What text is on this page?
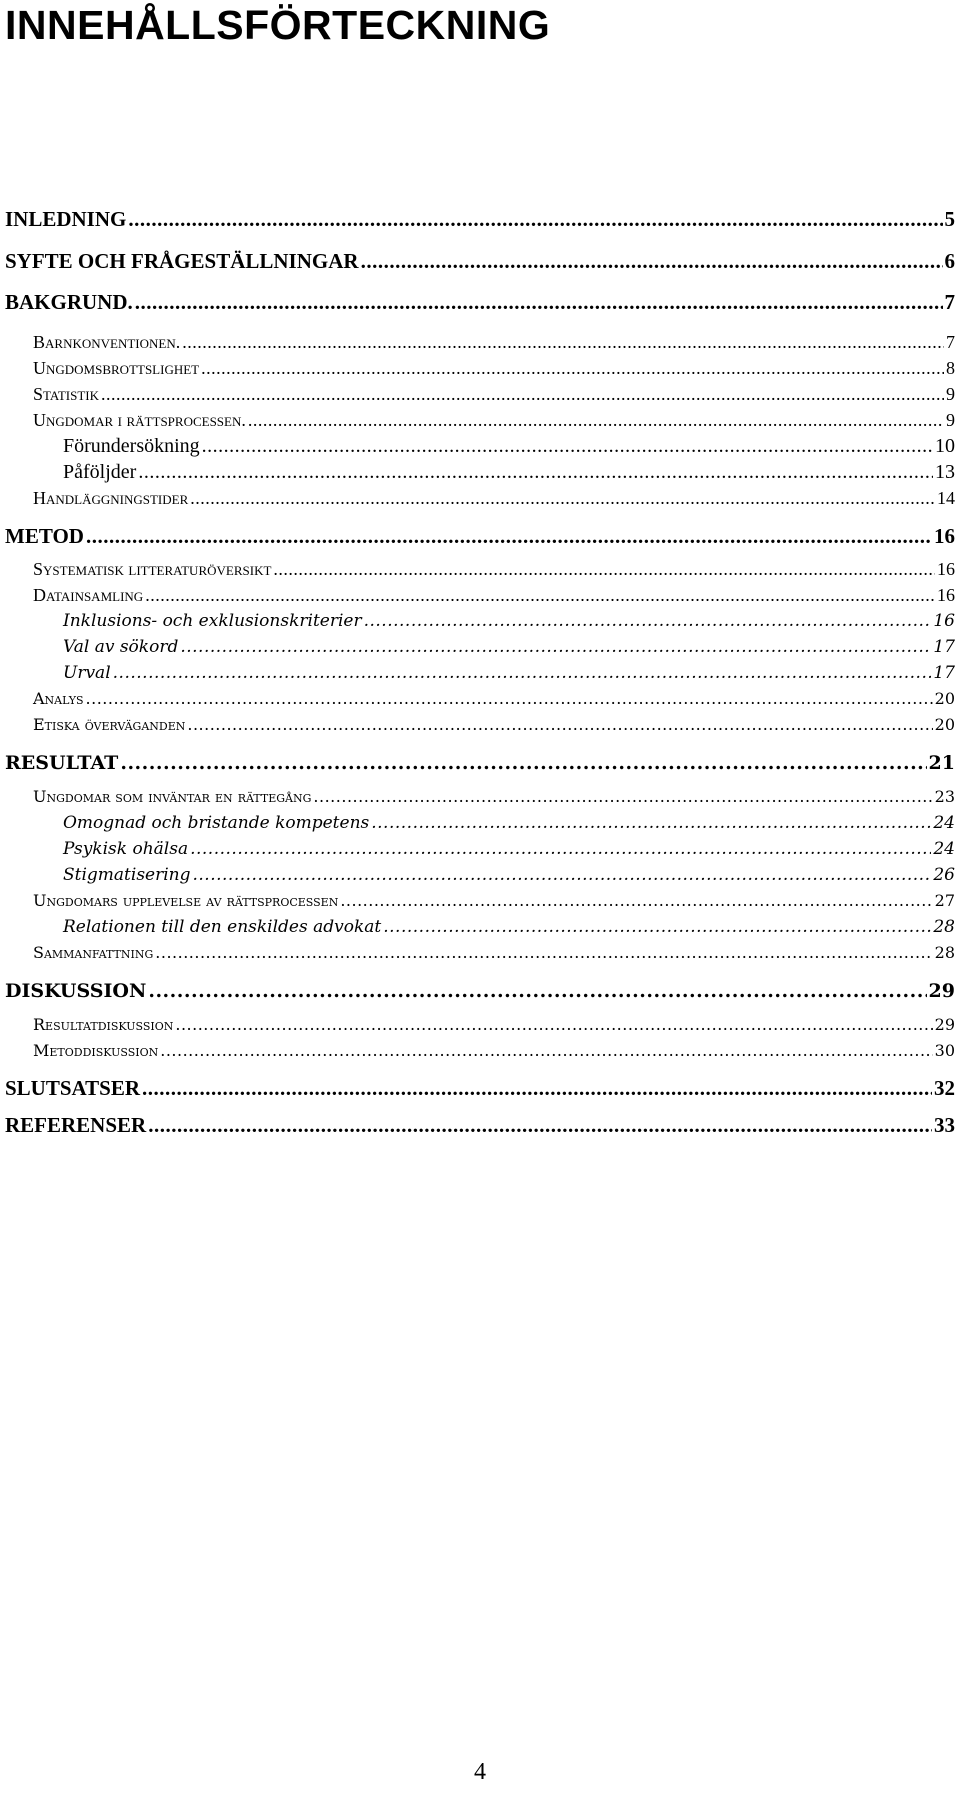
INNEHÅLLSFÖRTECKNING
INLEDNING .....	5
SYFTE OCH FRÅGESTÄLLNINGAR .....	6
BAKGRUND. .....	7
Barnkonventionen. .....	7
Ungdomsbrottslighet .....	8
Statistik .....	9
Ungdomar i rättsprocessen. .....	9
Förundersökning .....	10
Påföljder .....	13
Handläggningstider .....	14
METOD .....	16
Systematisk litteraturöversikt .....	16
Datainsamling .....	16
Inklusions- och exklusionskriterier .....	16
Val av sökord .....	17
Urval .....	17
Analys .....	20
Etiska överväganden .....	20
RESULTAT .....	21
Ungdomar som inväntar en rättegång .....	23
Omognad och bristande kompetens .....	24
Psykisk ohälsa .....	24
Stigmatisering .....	26
Ungdomars upplevelse av rättsprocessen .....	27
Relationen till den enskildes advokat .....	28
Sammanfattning .....	28
DISKUSSION .....	29
Resultatdiskussion .....	29
Metoddiskussion .....	30
SLUTSATSER .....	32
REFERENSER .....	33
4
